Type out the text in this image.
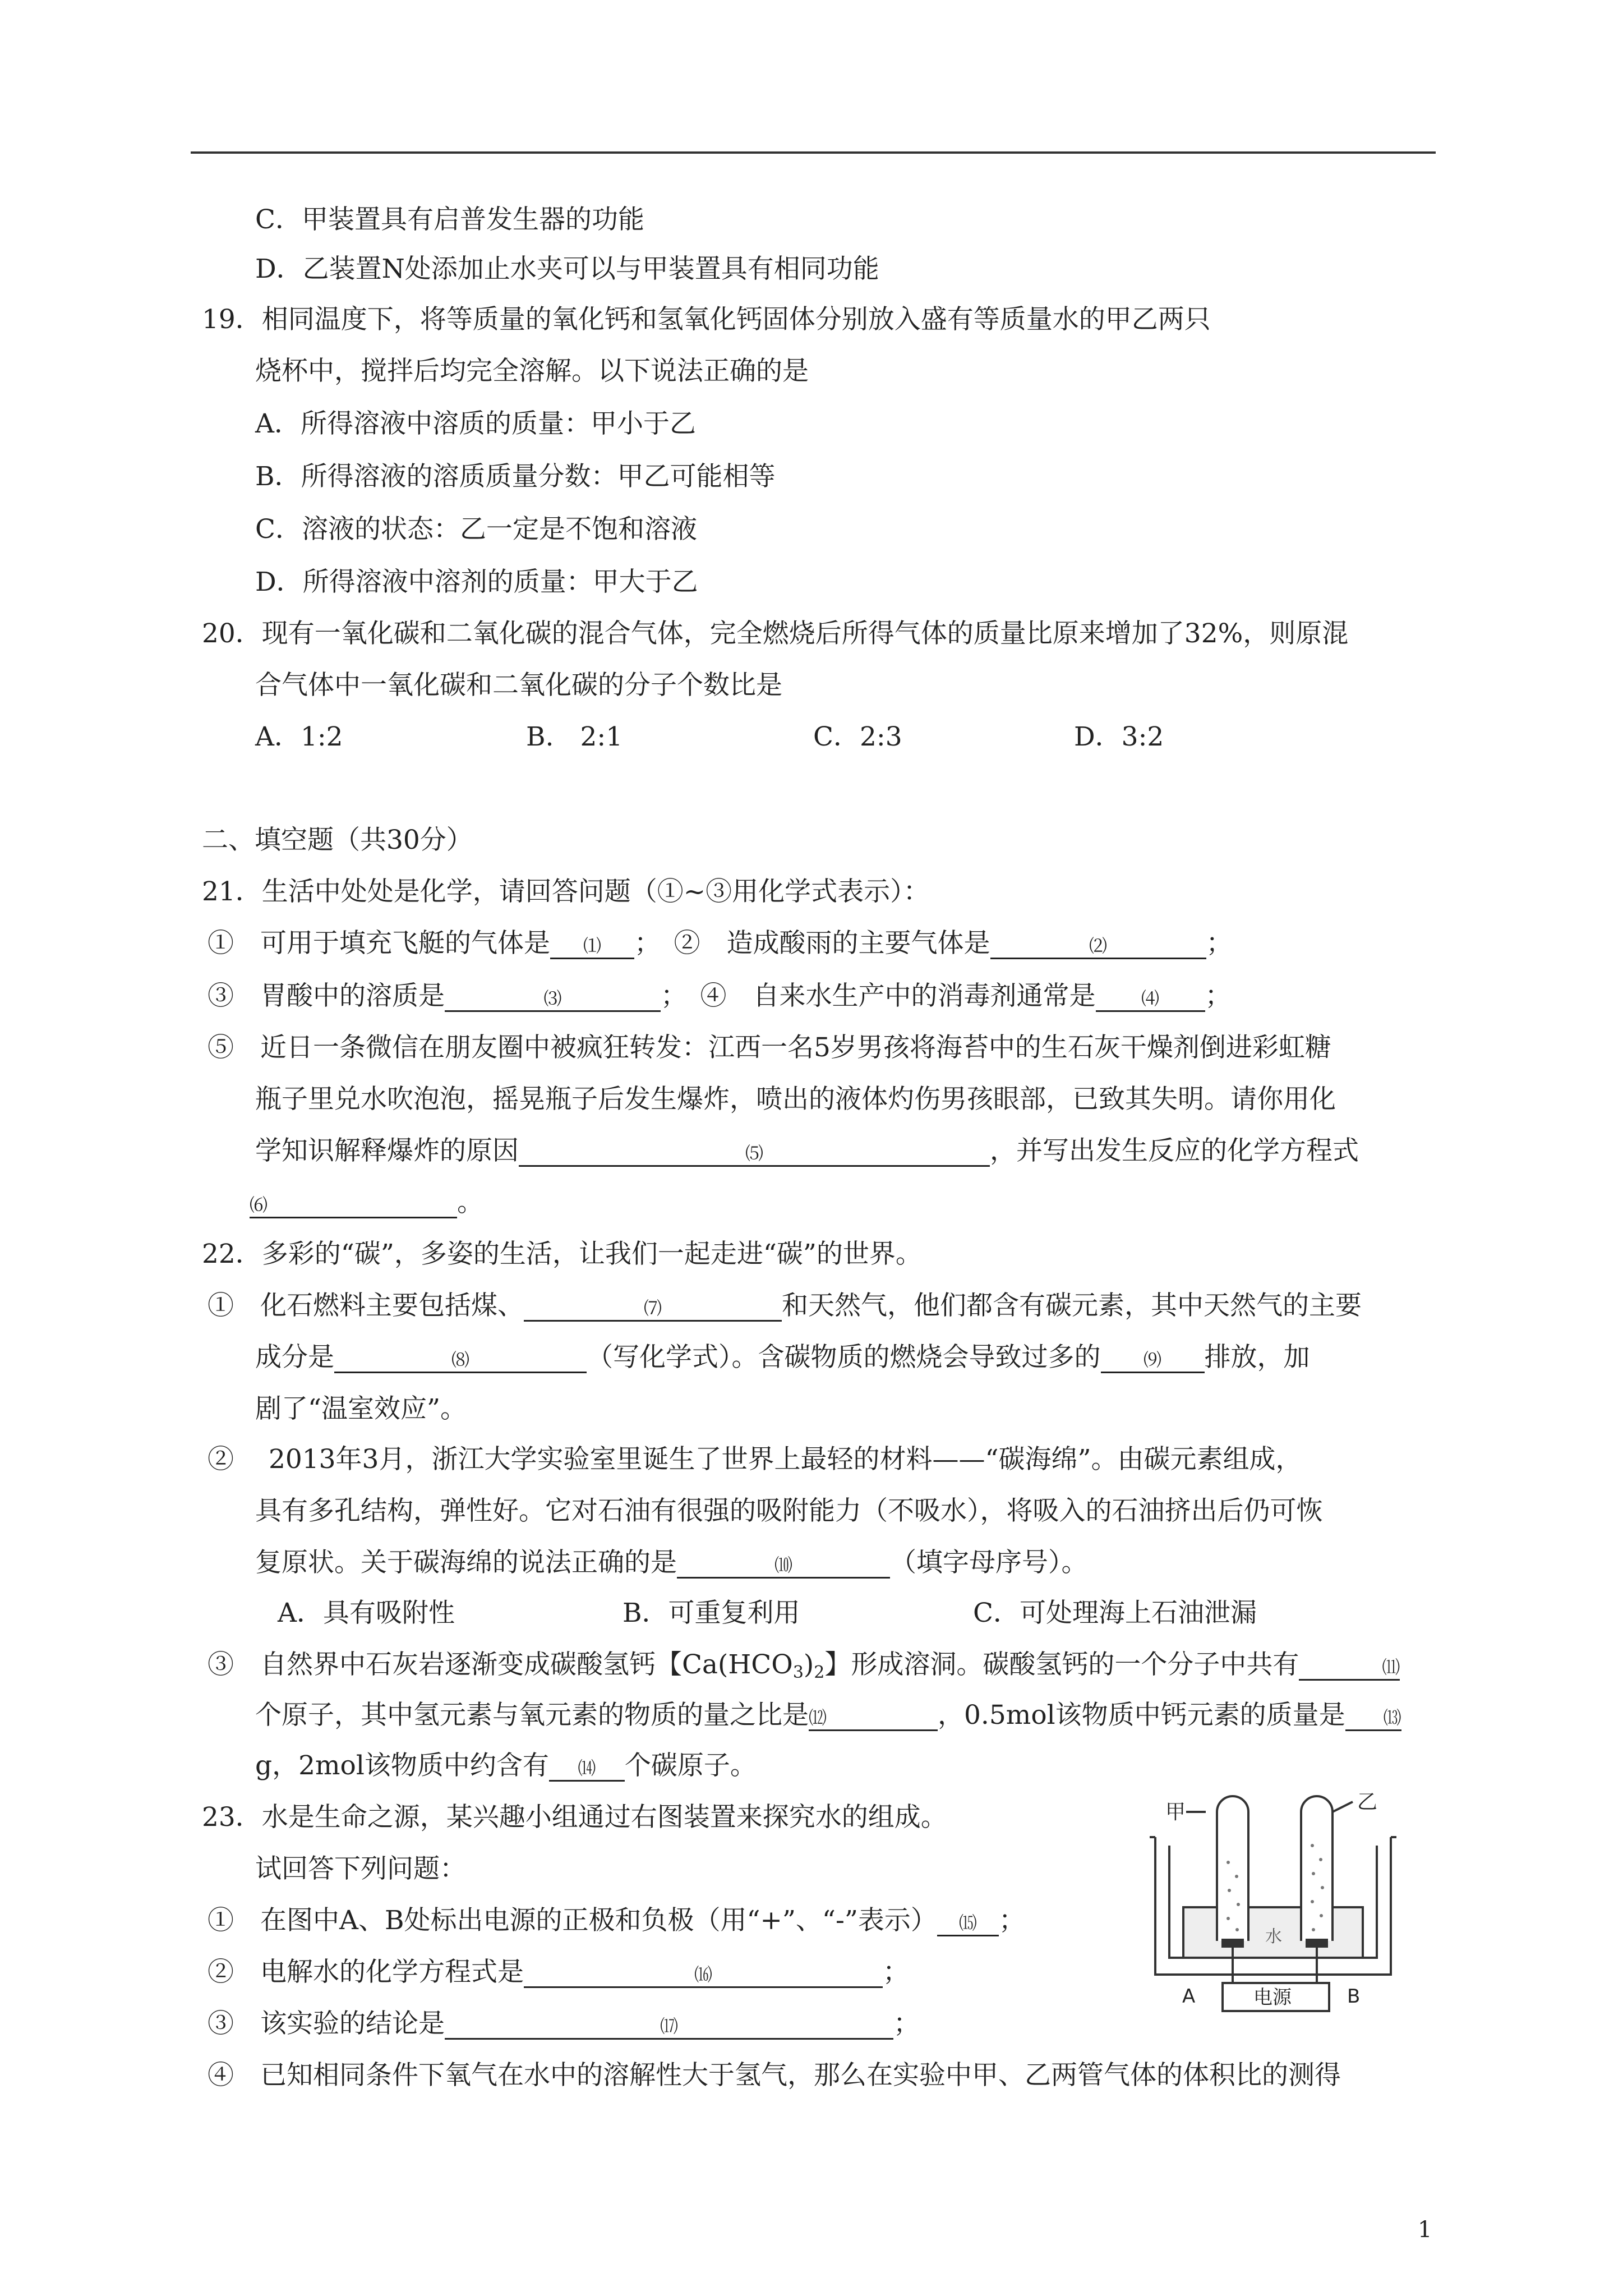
C．甲装置具有启普发生器的功能
D．乙装置N处添加止水夹可以与甲装置具有相同功能
19．相同温度下，将等质量的氧化钙和氢氧化钙固体分别放入盛有等质量水的甲乙两只
烧杯中，搅拌后均完全溶解。以下说法正确的是
A．所得溶液中溶质的质量：甲小于乙
B．所得溶液的溶质质量分数：甲乙可能相等
C．溶液的状态：乙一定是不饱和溶液
D．所得溶液中溶剂的质量：甲大于乙
20．现有一氧化碳和二氧化碳的混合气体，完全燃烧后所得气体的质量比原来增加了32%，则原混
合气体中一氧化碳和二氧化碳的分子个数比是
A．1:2	B.　2:1	C．2:3	D．3:2
二、填空题（共30分）
21．生活中处处是化学，请回答问题（①~③用化学式表示）：
①　可用于填充飞艇的气体是 ⑴ ；　②　造成酸雨的主要气体是	⑵	；
③　胃酸中的溶质是	⑶	；　④　自来水生产中的消毒剂通常是	⑷ ；
⑤　近日一条微信在朋友圈中被疯狂转发：江西一名5岁男孩将海苔中的生石灰干燥剂倒进彩虹糖
瓶子里兑水吹泡泡，摇晃瓶子后发生爆炸，喷出的液体灼伤男孩眼部，已致其失明。请你用化
学知识解释爆炸的原因	⑸	，并写出发生反应的化学方程式
⑹	。
22．多彩的“碳”，多姿的生活，让我们一起走进“碳”的世界。
①　化石燃料主要包括煤、	⑺	和天然气，他们都含有碳元素，其中天然气的主要
成分是	⑻	（写化学式）。含碳物质的燃烧会导致过多的 ⑼ 排放，加
剧了“温室效应”。
②　 2013年3月，浙江大学实验室里诞生了世界上最轻的材料——“碳海绵”。由碳元素组成，
具有多孔结构，弹性好。它对石油有很强的吸附能力（不吸水），将吸入的石油挤出后仍可恢
复原状。关于碳海绵的说法正确的是	⑽	（填字母序号）。
A．具有吸附性	B．可重复利用	C．可处理海上石油泄漏
③　自然界中石灰岩逐渐变成碳酸氢钙【$Ca(HCO_3)_2$】形成溶洞。碳酸氢钙的一个分子中共有	⑾
个原子，其中氢元素与氧元素的物质的量之比是⑿	，0.5mol该物质中钙元素的质量是 ⒀
g，2mol该物质中约含有 ⒁ 个碳原子。
23．水是生命之源，某兴趣小组通过右图装置来探究水的组成。
试回答下列问题：
①　在图中A、B处标出电源的正极和负极（用“+”、“-”表示） ⒂ ；
②　电解水的化学方程式是	⒃	；
③　该实验的结论是	⒄	；
④　已知相同条件下氧气在水中的溶解性大于氢气，那么在实验中甲、乙两管气体的体积比的测得
甲	乙
水
A	B
电源
1
